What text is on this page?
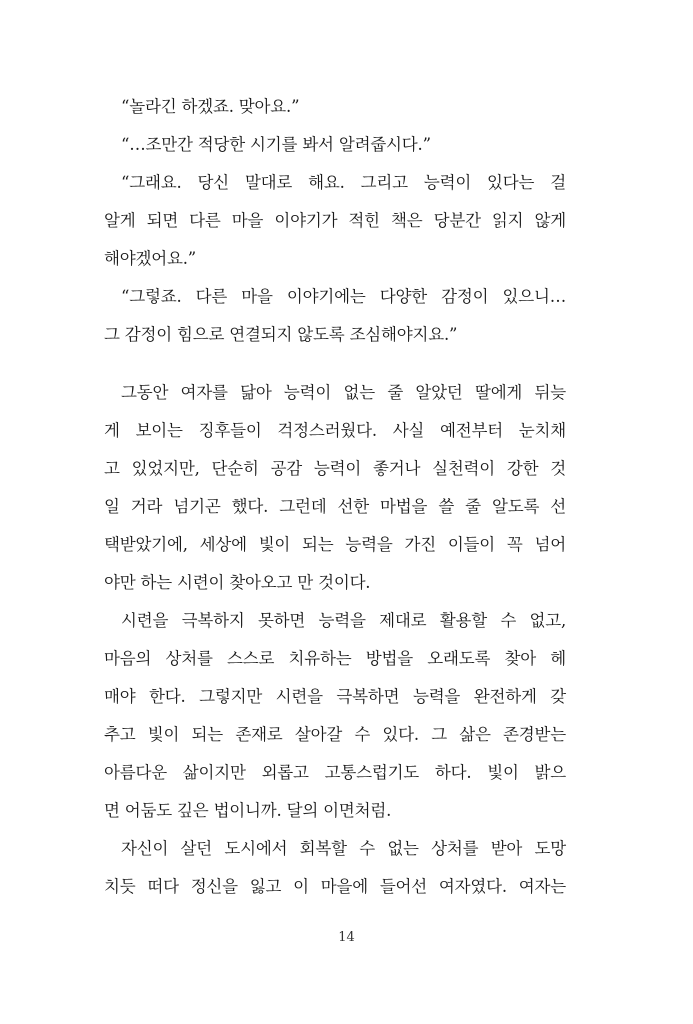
“놀라긴 하겠죠. 맞아요.”
“…조만간 적당한 시기를 봐서 알려줍시다.”
“그래요. 당신 말대로 해요. 그리고 능력이 있다는 걸
알게 되면 다른 마을 이야기가 적힌 책은 당분간 읽지 않게
해야겠어요.”
“그렇죠. 다른 마을 이야기에는 다양한 감정이 있으니…
그 감정이 힘으로 연결되지 않도록 조심해야지요.”
그동안 여자를 닮아 능력이 없는 줄 알았던 딸에게 뒤늦
게 보이는 징후들이 걱정스러웠다. 사실 예전부터 눈치채
고 있었지만, 단순히 공감 능력이 좋거나 실천력이 강한 것
일 거라 넘기곤 했다. 그런데 선한 마법을 쓸 줄 알도록 선
택받았기에, 세상에 빛이 되는 능력을 가진 이들이 꼭 넘어
야만 하는 시련이 찾아오고 만 것이다.
시련을 극복하지 못하면 능력을 제대로 활용할 수 없고,
마음의 상처를 스스로 치유하는 방법을 오래도록 찾아 헤
매야 한다. 그렇지만 시련을 극복하면 능력을 완전하게 갖
추고 빛이 되는 존재로 살아갈 수 있다. 그 삶은 존경받는
아름다운 삶이지만 외롭고 고통스럽기도 하다. 빛이 밝으
면 어둠도 깊은 법이니까. 달의 이면처럼.
자신이 살던 도시에서 회복할 수 없는 상처를 받아 도망
치듯 떠다 정신을 잃고 이 마을에 들어선 여자였다. 여자는
14
